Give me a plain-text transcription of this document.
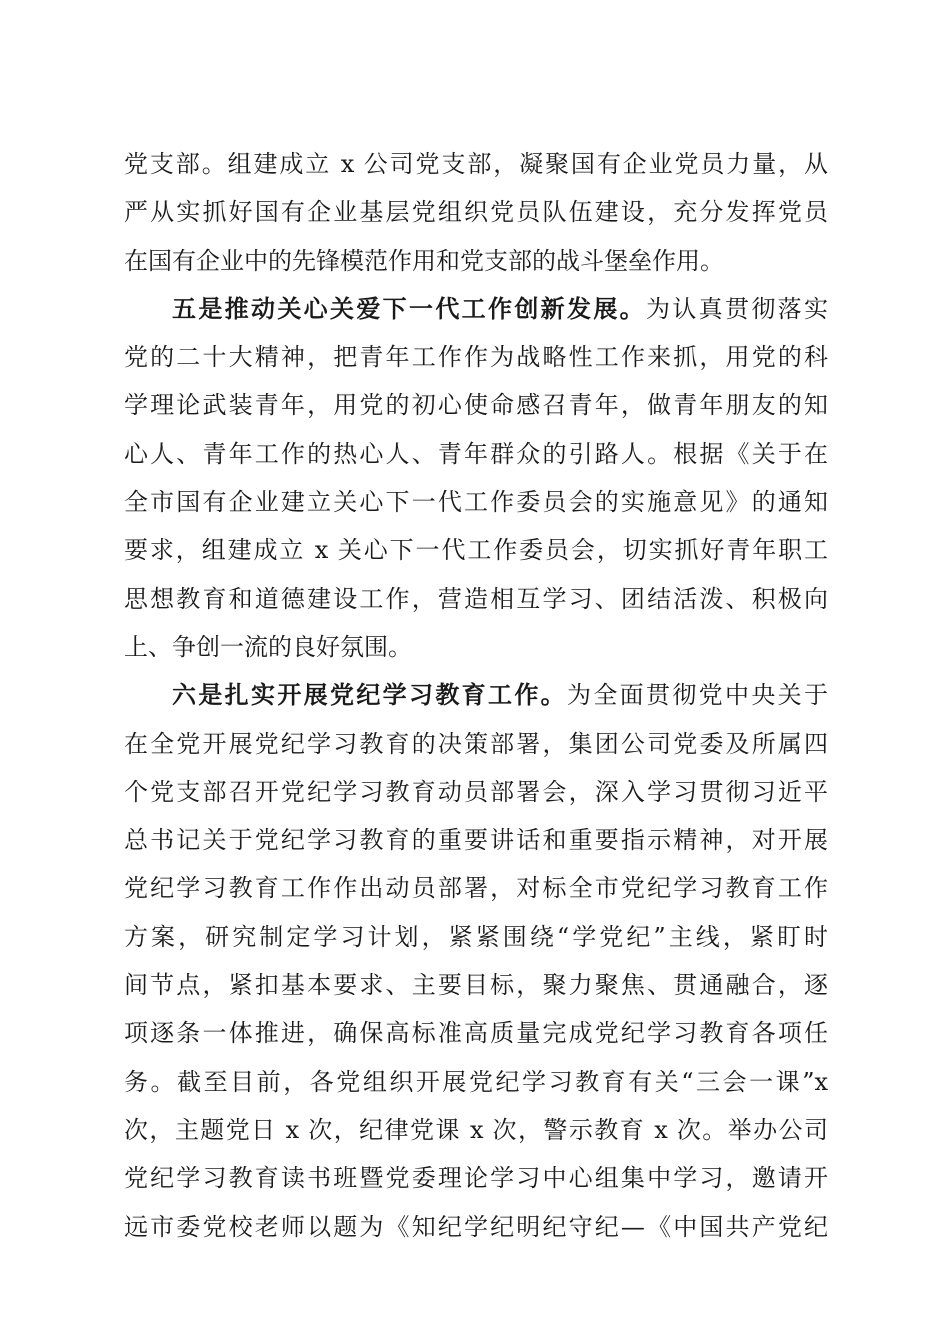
党支部。组建成立 x 公司党支部，凝聚国有企业党员力量，从
严从实抓好国有企业基层党组织党员队伍建设，充分发挥党员
在国有企业中的先锋模范作用和党支部的战斗堡垒作用。
五是推动关心关爱下一代工作创新发展。为认真贯彻落实
党的二十大精神，把青年工作作为战略性工作来抓，用党的科
学理论武装青年，用党的初心使命感召青年，做青年朋友的知
心人、青年工作的热心人、青年群众的引路人。根据《关于在
全市国有企业建立关心下一代工作委员会的实施意见》的通知
要求，组建成立 x 关心下一代工作委员会，切实抓好青年职工
思想教育和道德建设工作，营造相互学习、团结活泼、积极向
上、争创一流的良好氛围。
六是扎实开展党纪学习教育工作。为全面贯彻党中央关于
在全党开展党纪学习教育的决策部署，集团公司党委及所属四
个党支部召开党纪学习教育动员部署会，深入学习贯彻习近平
总书记关于党纪学习教育的重要讲话和重要指示精神，对开展
党纪学习教育工作作出动员部署，对标全市党纪学习教育工作
方案，研究制定学习计划，紧紧围绕“学党纪”主线，紧盯时
间节点，紧扣基本要求、主要目标，聚力聚焦、贯通融合，逐
项逐条一体推进，确保高标准高质量完成党纪学习教育各项任
务。截至目前，各党组织开展党纪学习教育有关“三会一课”x
次，主题党日 x 次，纪律党课 x 次，警示教育 x 次。举办公司
党纪学习教育读书班暨党委理论学习中心组集中学习，邀请开
远市委党校老师以题为《知纪学纪明纪守纪—《中国共产党纪
